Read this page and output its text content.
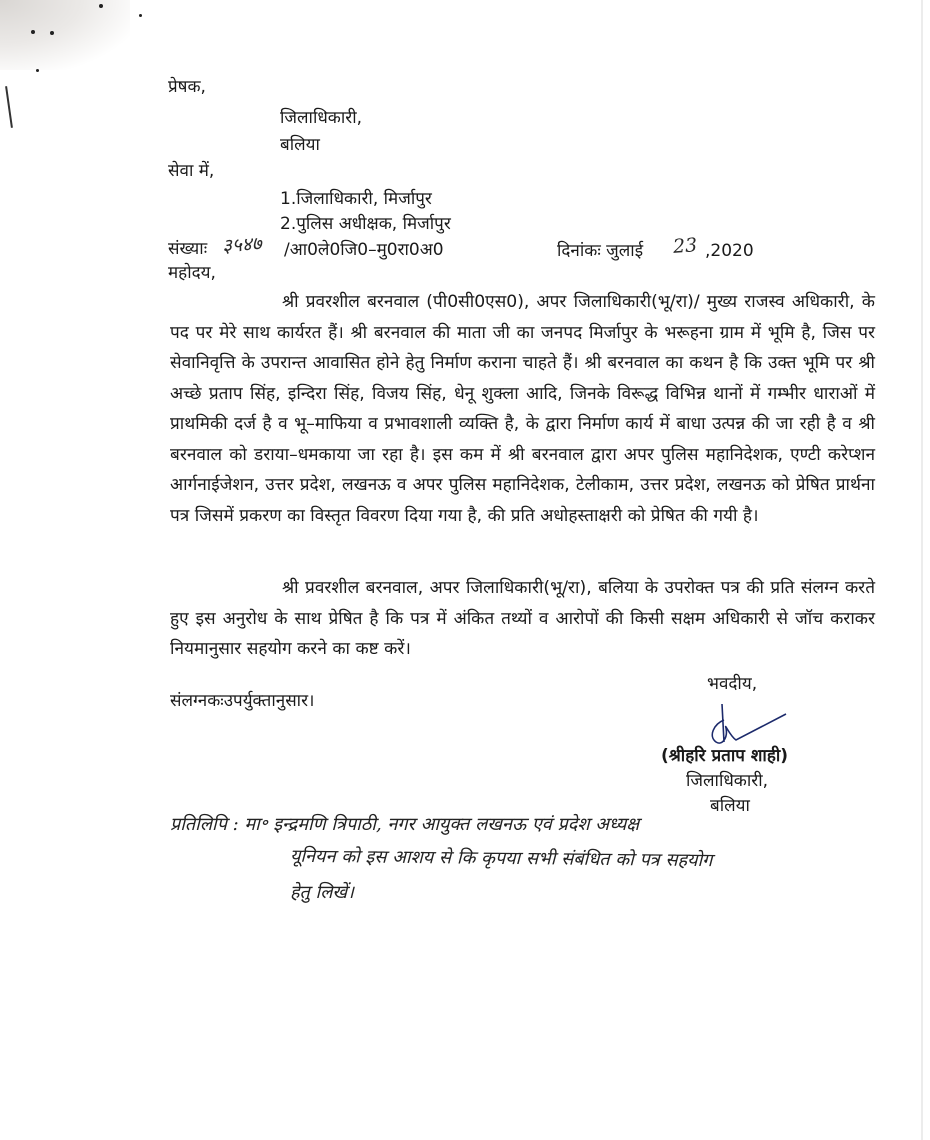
प्रेषक,
जिलाधिकारी,
बलिया
सेवा में,
1.जिलाधिकारी, मिर्जापुर
2.पुलिस अधीक्षक, मिर्जापुर
संख्याः ३५४७ /आ0ले0जि0–मु0रा0अ0	दिनांकः जुलाई 23 ,2020
महोदय,
श्री प्रवरशील बरनवाल (पी0सी0एस0), अपर जिलाधिकारी(भू/रा)/ मुख्य राजस्व अधिकारी, के पद पर मेरे साथ कार्यरत हैं। श्री बरनवाल की माता जी का जनपद मिर्जापुर के भरूहना ग्राम में भूमि है, जिस पर सेवानिवृत्ति के उपरान्त आवासित होने हेतु निर्माण कराना चाहते हैं। श्री बरनवाल का कथन है कि उक्त भूमि पर श्री अच्छे प्रताप सिंह, इन्दिरा सिंह, विजय सिंह, धेनू शुक्ला आदि, जिनके विरूद्ध विभिन्न थानों में गम्भीर धाराओं में प्राथमिकी दर्ज है व भू–माफिया व प्रभावशाली व्यक्ति है, के द्वारा निर्माण कार्य में बाधा उत्पन्न की जा रही है व श्री बरनवाल को डराया–धमकाया जा रहा है। इस कम में श्री बरनवाल द्वारा अपर पुलिस महानिदेशक, एण्टी करेप्शन आर्गनाईजेशन, उत्तर प्रदेश, लखनऊ व अपर पुलिस महानिदेशक, टेलीकाम, उत्तर प्रदेश, लखनऊ को प्रेषित प्रार्थना पत्र जिसमें प्रकरण का विस्तृत विवरण दिया गया है, की प्रति अधोहस्ताक्षरी को प्रेषित की गयी है।
श्री प्रवरशील बरनवाल, अपर जिलाधिकारी(भू/रा), बलिया के उपरोक्त पत्र की प्रति संलग्न करते हुए इस अनुरोध के साथ प्रेषित है कि पत्र में अंकित तथ्यों व आरोपों की किसी सक्षम अधिकारी से जॉच कराकर नियमानुसार सहयोग करने का कष्ट करें।
भवदीय,
संलग्नकःउपर्युक्तानुसार।
(श्रीहरि प्रताप शाही)
जिलाधिकारी,
बलिया
प्रतिलिपि : मा॰ इन्द्रमणि त्रिपाठी, नगर आयुक्त लखनऊ एवं प्रदेश अध्यक्ष
यूनियन को इस आशय से कि कृपया सभी संबंधित को पत्र सहयोग
हेतु लिखें।
